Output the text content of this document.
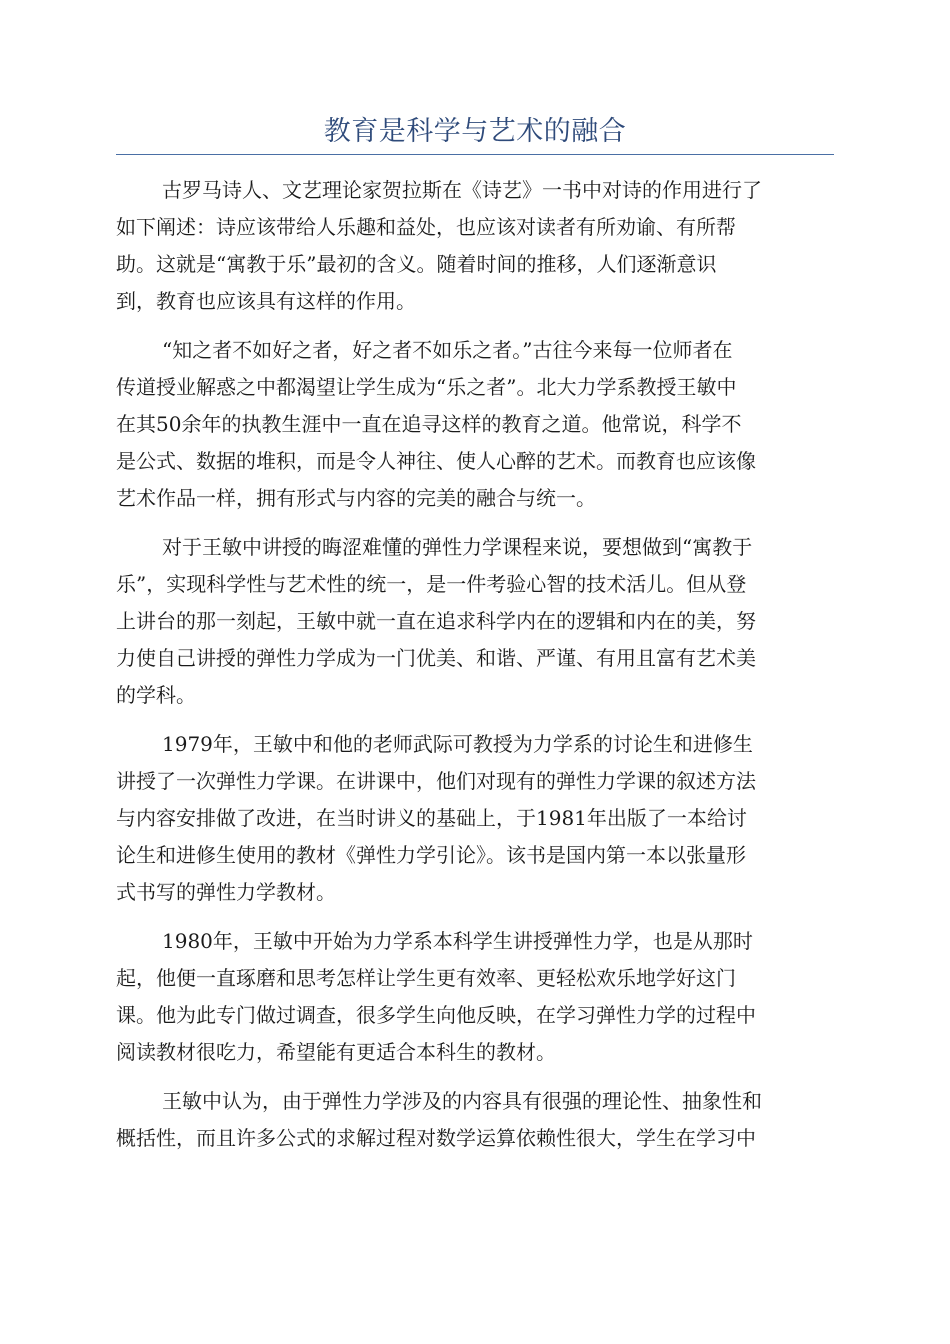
教育是科学与艺术的融合
古罗马诗人、文艺理论家贺拉斯在《诗艺》一书中对诗的作用进行了
如下阐述：诗应该带给人乐趣和益处，也应该对读者有所劝谕、有所帮
助。这就是“寓教于乐”最初的含义。随着时间的推移，人们逐渐意识
到，教育也应该具有这样的作用。
“知之者不如好之者，好之者不如乐之者。”古往今来每一位师者在
传道授业解惑之中都渴望让学生成为“乐之者”。北大力学系教授王敏中
在其50余年的执教生涯中一直在追寻这样的教育之道。他常说，科学不
是公式、数据的堆积，而是令人神往、使人心醉的艺术。而教育也应该像
艺术作品一样，拥有形式与内容的完美的融合与统一。
对于王敏中讲授的晦涩难懂的弹性力学课程来说，要想做到“寓教于
乐”，实现科学性与艺术性的统一，是一件考验心智的技术活儿。但从登
上讲台的那一刻起，王敏中就一直在追求科学内在的逻辑和内在的美，努
力使自己讲授的弹性力学成为一门优美、和谐、严谨、有用且富有艺术美
的学科。
1979年，王敏中和他的老师武际可教授为力学系的讨论生和进修生
讲授了一次弹性力学课。在讲课中，他们对现有的弹性力学课的叙述方法
与内容安排做了改进，在当时讲义的基础上，于1981年出版了一本给讨
论生和进修生使用的教材《弹性力学引论》。该书是国内第一本以张量形
式书写的弹性力学教材。
1980年，王敏中开始为力学系本科学生讲授弹性力学，也是从那时
起，他便一直琢磨和思考怎样让学生更有效率、更轻松欢乐地学好这门
课。他为此专门做过调查，很多学生向他反映，在学习弹性力学的过程中
阅读教材很吃力，希望能有更适合本科生的教材。
王敏中认为，由于弹性力学涉及的内容具有很强的理论性、抽象性和
概括性，而且许多公式的求解过程对数学运算依赖性很大，学生在学习中
